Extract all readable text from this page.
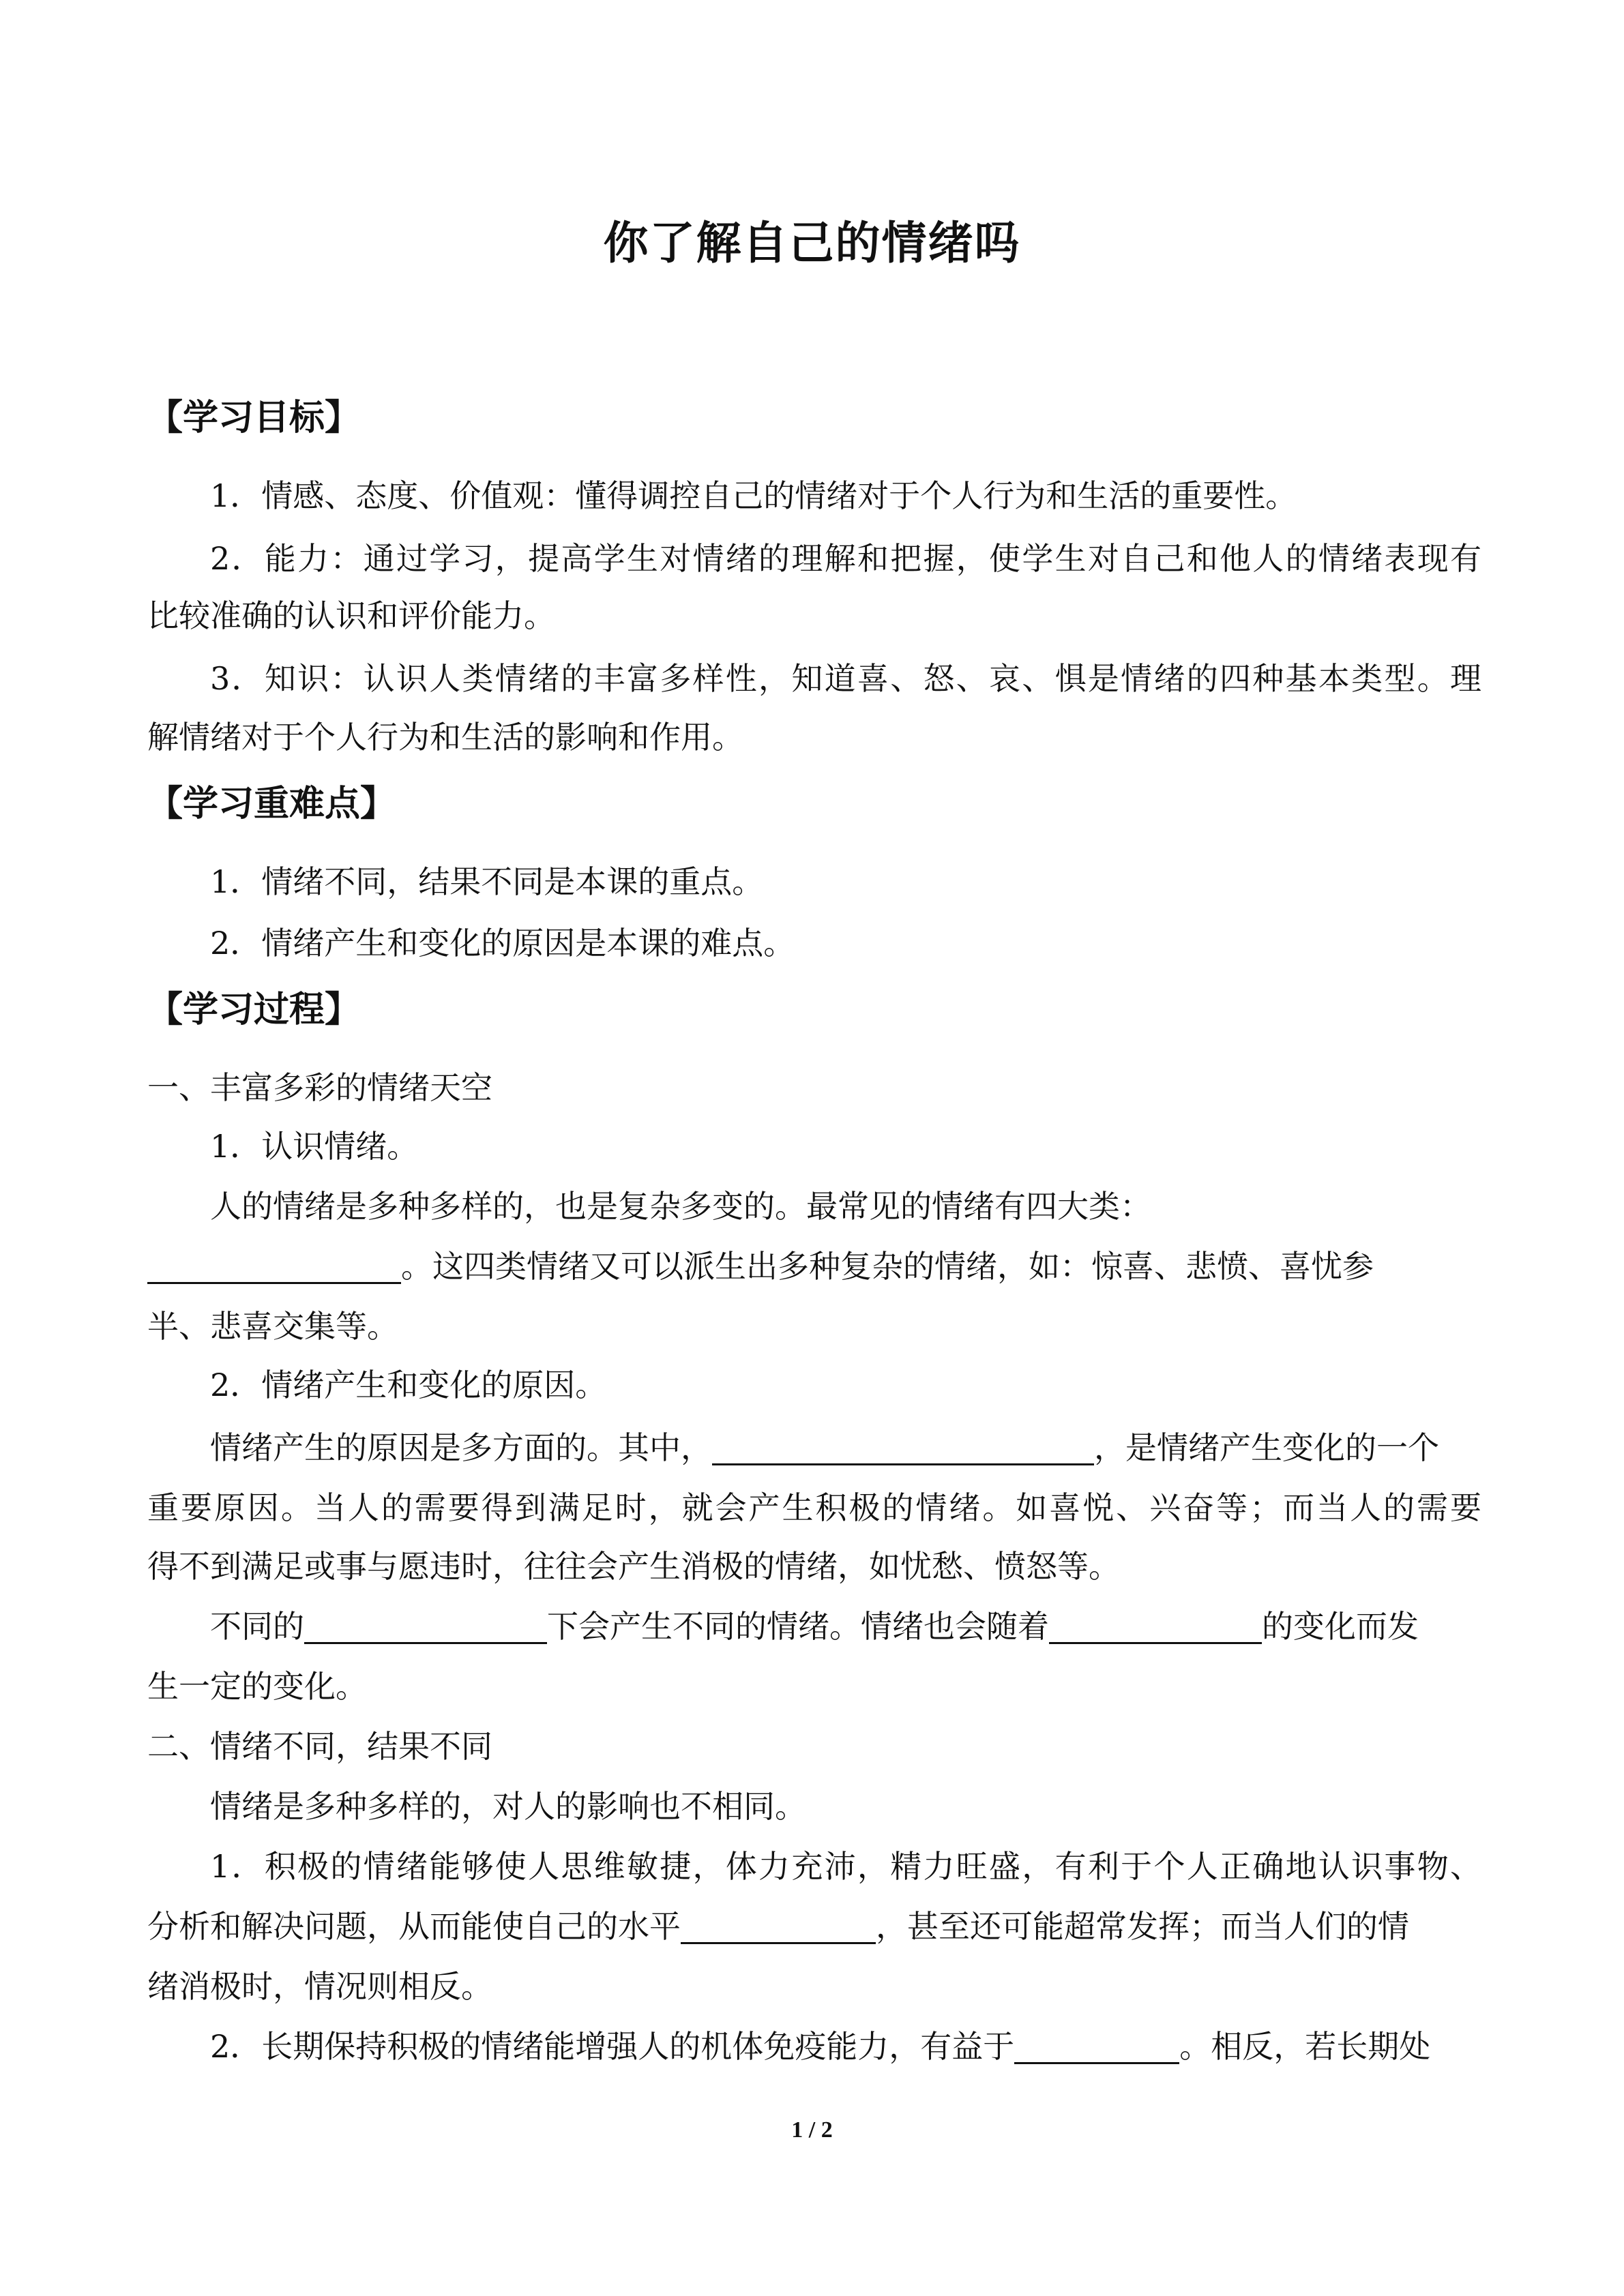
你了解自己的情绪吗
【学习目标】
1．情感、态度、价值观：懂得调控自己的情绪对于个人行为和生活的重要性。
2．能力：通过学习，提高学生对情绪的理解和把握，使学生对自己和他人的情绪表现有
比较准确的认识和评价能力。
3．知识：认识人类情绪的丰富多样性，知道喜、怒、哀、惧是情绪的四种基本类型。理
解情绪对于个人行为和生活的影响和作用。
【学习重难点】
1．情绪不同，结果不同是本课的重点。
2．情绪产生和变化的原因是本课的难点。
【学习过程】
一、丰富多彩的情绪天空
1．认识情绪。
人的情绪是多种多样的，也是复杂多变的。最常见的情绪有四大类：
。这四类情绪又可以派生出多种复杂的情绪，如：惊喜、悲愤、喜忧参
半、悲喜交集等。
2．情绪产生和变化的原因。
情绪产生的原因是多方面的。其中，	，是情绪产生变化的一个
重要原因。当人的需要得到满足时，就会产生积极的情绪。如喜悦、兴奋等；而当人的需要
得不到满足或事与愿违时，往往会产生消极的情绪，如忧愁、愤怒等。
不同的	下会产生不同的情绪。情绪也会随着	的变化而发
生一定的变化。
二、情绪不同，结果不同
情绪是多种多样的，对人的影响也不相同。
1．积极的情绪能够使人思维敏捷，体力充沛，精力旺盛，有利于个人正确地认识事物、
分析和解决问题，从而能使自己的水平	，甚至还可能超常发挥；而当人们的情
绪消极时，情况则相反。
2．长期保持积极的情绪能增强人的机体免疫能力，有益于	。相反，若长期处
1 / 2
